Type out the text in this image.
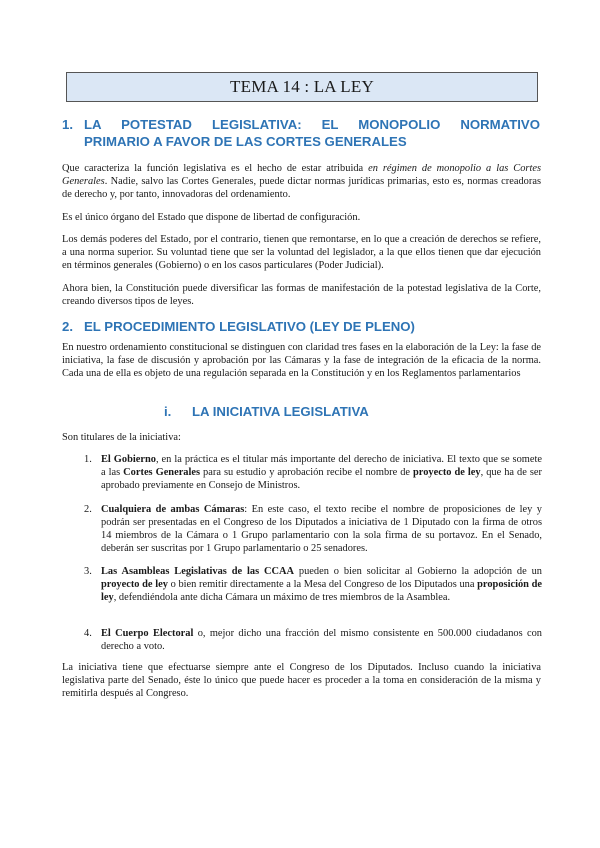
TEMA 14 : LA LEY
1. LA POTESTAD LEGISLATIVA: EL MONOPOLIO NORMATIVO
PRIMARIO A FAVOR DE LAS CORTES GENERALES
Que caracteriza la función legislativa es el hecho de estar atribuida en régimen de monopolio a las Cortes Generales. Nadie, salvo las Cortes Generales, puede dictar normas jurídicas primarias, esto es, normas creadoras de derecho y, por tanto, innovadoras del ordenamiento.
Es el único órgano del Estado que dispone de libertad de configuración.
Los demás poderes del Estado, por el contrario, tienen que remontarse, en lo que a creación de derechos se refiere, a una norma superior. Su voluntad tiene que ser la voluntad del legislador, a la que ellos tienen que dar ejecución en términos generales (Gobierno) o en los casos particulares (Poder Judicial).
Ahora bien, la Constitución puede diversificar las formas de manifestación de la potestad legislativa de la Corte, creando diversos tipos de leyes.
2. EL PROCEDIMIENTO LEGISLATIVO (LEY DE PLENO)
En nuestro ordenamiento constitucional se distinguen con claridad tres fases en la elaboración de la Ley: la fase de iniciativa, la fase de discusión y aprobación por las Cámaras y la fase de integración de la eficacia de la norma. Cada una de ella es objeto de una regulación separada en la Constitución y en los Reglamentos parlamentarios
i. LA INICIATIVA LEGISLATIVA
Son titulares de la iniciativa:
1. El Gobierno, en la práctica es el titular más importante del derecho de iniciativa. El texto que se somete a las Cortes Generales para su estudio y aprobación recibe el nombre de proyecto de ley, que ha de ser aprobado previamente en Consejo de Ministros.
2. Cualquiera de ambas Cámaras: En este caso, el texto recibe el nombre de proposiciones de ley y podrán ser presentadas en el Congreso de los Diputados a iniciativa de 1 Diputado con la firma de otros 14 miembros de la Cámara o 1 Grupo parlamentario con la sola firma de su portavoz. En el Senado, deberán ser suscritas por 1 Grupo parlamentario o 25 senadores.
3. Las Asambleas Legislativas de las CCAA pueden o bien solicitar al Gobierno la adopción de un proyecto de ley o bien remitir directamente a la Mesa del Congreso de los Diputados una proposición de ley, defendiéndola ante dicha Cámara un máximo de tres miembros de la Asamblea.
4. El Cuerpo Electoral o, mejor dicho una fracción del mismo consistente en 500.000 ciudadanos con derecho a voto.
La iniciativa tiene que efectuarse siempre ante el Congreso de los Diputados. Incluso cuando la iniciativa legislativa parte del Senado, éste lo único que puede hacer es proceder a la toma en consideración de la misma y remitirla después al Congreso.
